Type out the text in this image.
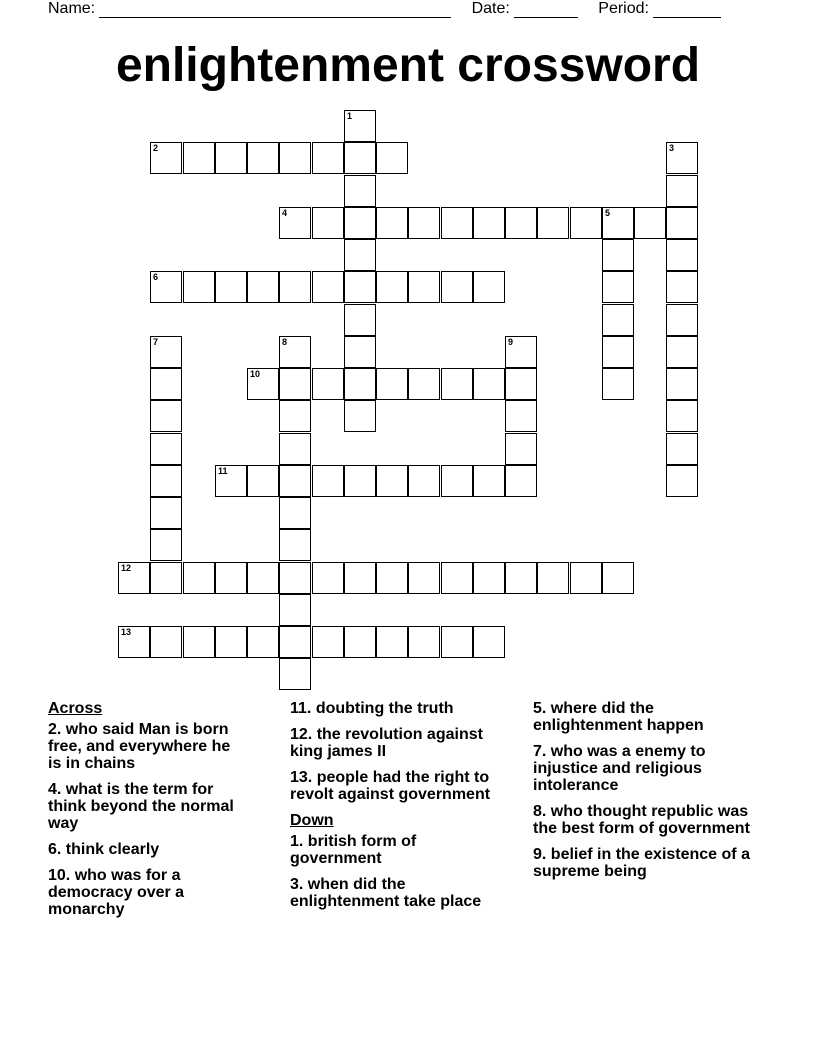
Name:	Date:	Period:
enlightenment crossword
1
2	3
4	5
6
7	8	9
10
11
12
13
Across
2. who said Man is born free, and everywhere he is in chains
4. what is the term for think beyond the normal way
6. think clearly
10. who was for a democracy over a monarchy
11. doubting the truth
12. the revolution against king james II
13. people had the right to revolt against government
Down
1. british form of government
3. when did the enlightenment take place
5. where did the enlightenment happen
7. who was a enemy to injustice and religious intolerance
8. who thought republic was the best form of government
9. belief in the existence of a supreme being
